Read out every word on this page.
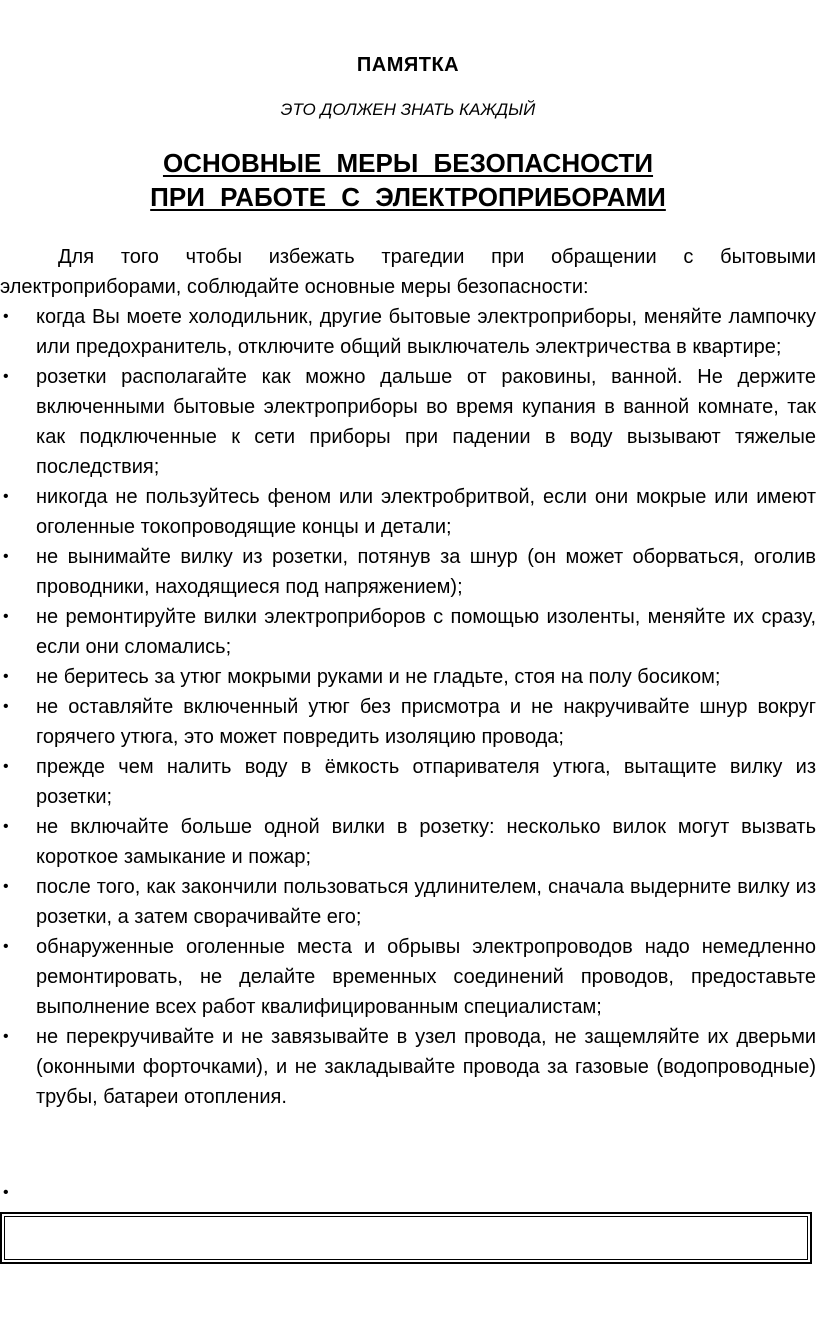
ПАМЯТКА
ЭТО ДОЛЖЕН ЗНАТЬ КАЖДЫЙ
ОСНОВНЫЕ МЕРЫ БЕЗОПАСНОСТИ
ПРИ РАБОТЕ С ЭЛЕКТРОПРИБОРАМИ

Для того чтобы избежать трагедии при обращении с бытовыми электроприборами, соблюдайте основные меры безопасности:

• когда Вы моете холодильник, другие бытовые электроприборы, меняйте лампочку или предохранитель, отключите общий выключатель электричества в квартире;
• розетки располагайте как можно дальше от раковины, ванной. Не держите включенными бытовые электроприборы во время купания в ванной комнате, так как подключенные к сети приборы при падении в воду вызывают тяжелые последствия;
• никогда не пользуйтесь феном или электробритвой, если они мокрые или имеют оголенные токопроводящие концы и детали;
• не вынимайте вилку из розетки, потянув за шнур (он может оборваться, оголив проводники, находящиеся под напряжением);
• не ремонтируйте вилки электроприборов с помощью изоленты, меняйте их сразу, если они сломались;
• не беритесь за утюг мокрыми руками и не гладьте, стоя на полу босиком;
• не оставляйте включенный утюг без присмотра и не накручивайте шнур вокруг горячего утюга, это может повредить изоляцию провода;
• прежде чем налить воду в ёмкость отпаривателя утюга, вытащите вилку из розетки;
• не включайте больше одной вилки в розетку: несколько вилок могут вызвать короткое замыкание и пожар;
• после того, как закончили пользоваться удлинителем, сначала выдерните вилку из розетки, а затем сворачивайте его;
• обнаруженные оголенные места и обрывы электропроводов надо немедленно ремонтировать, не делайте временных соединений проводов, предоставьте выполнение всех работ квалифицированным специалистам;
• не перекручивайте и не завязывайте в узел провода, не защемляйте их дверьми (оконными форточками), и не закладывайте провода за газовые (водопроводные) трубы, батареи отопления.
•
